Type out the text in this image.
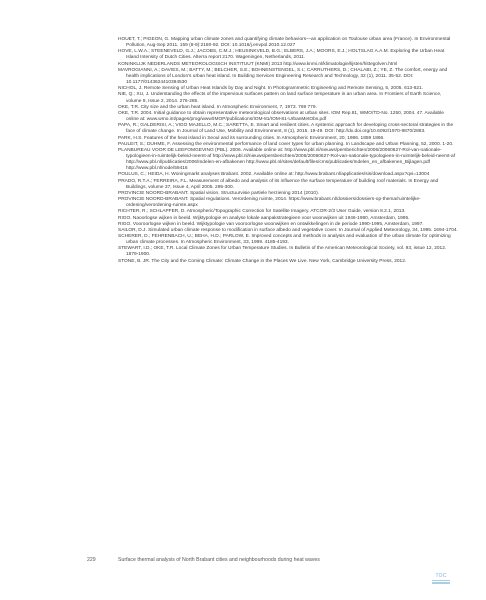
HOUET, T.; PIGEON, G. Mapping urban climate zones and quantifying climate behaviors—an application on Toulouse urban area (France). In Environmental Pollution, Aug-Sep 2011. 159 (8-9):2180-92. DOI: 10.1016/j.envpol.2010.12.027

HOVE, L.W.A.; STEENEVELD, G.J.; JACOBS, C.M.J.; HEUSINKVELD, B.G.; ELBERS, J.A.; MOORS, E.J.; HOLTSLAG A.A.M. Exploring the Urban Heat Island Intensity of Dutch Cities. Alterra report 2170. Wageningen, Netherlands, 2011.

KONINKLIJK NEDERLANDS METEOROLOGISCH INSTITUUT (KNMI) 2013 http://www.knmi.nl/klimatologie/lijsten/hittegolven.html

MAVROGIANNI, A.; DAVIES, M.; BATTY, M.; BELCHER, S.E.; BOHNENSTENGEL, S.I.; CARRUTHERS, D.; CHALABI, Z.; YE, Z. The comfort, energy and health implications of London's urban heat island. In Building Services Engineering Research and Technology, 32 (1), 2011. 35-52. DOI: 10.1177/0143624410394530

NICHOL, J. Remote Sensing of Urban Heat Islands by Day and Night. In Photogrammetric Engineering and Remote Sensing, 5, 2005. 613-621.

NIE, Q.; XU, J. Understanding the effects of the impervious surfaces pattern on land surface temperature in an urban area. In Frontiers of Earth Science, volume 9, Issue 2, 2014. 276-285.

OKE, T.R. City size and the urban heat island. In Atmospheric Environment, 7, 1973. 769 779.

OKE, T.R. 2004. Initial guidance to obtain representative meteorological observations at urban sites. IOM Rep.81, WMO/TD-No. 1250, 2004. 47. Available online at: www.wmo.int/pages/prog/www/IMOP/publications/IOM-81/IOM-81-UrbanMetObs.pdf

PAPA, R.; GALDERISI, A.; VIGO MAJELLO, M.C.; SARETTA, E. Smart and resilient cities. A systemic approach for developing cross-sectoral strategies in the face of climate change. In Journal of Land Use, Mobility and Environment, 8 (1), 2015. 19-49. DOI: http://dx.doi.org/10.6092/1970-9870/2883.

PARK, H.S. Features of the heat island in Seoul and its surrounding cities. In Atmospheric Environment, 20, 1986. 1859 1866.

PAULEIT, S.; DUHME, F. Assessing the environmental performance of land cover types for urban planning. In Landscape and Urban Planning, 52, 2000. 1-20.

PLANBUREAU VOOR DE LEEFOMGEVING (PBL). 2006. Available online at: http://www.pbl.nl/nieuws/persberichten/2006/20060627-Rol-van-nationale-typologieen-in-ruimtelijk-beleid-neemt-af http://www.pbl.nl/nieuws/persberichten/2006/20060627-Rol-van-nationale-typologieen-in-ruimtelijk-beleid-neemt-af http://www.pbl.nl/publicaties/2006/Indelen-en-afbakenen http://www.pbl.nl/sites/default/files/cms/publicaties/Indelen_en_afbakenen_Bijlagen.pdf http://www.pbl.nl/node/59416

POULUS, C.; HEIDA, H. Woningmarkt analyses Brabant. 2002. Available online at: http://www.brabant.nl/applicaties/sis/download.aspx?qvi=13004

PRADO, R.T.A.; FERREIRA, F.L. Measurement of albedo and analysis of its influence the surface temperature of building roof materials. In Energy and Buildings, volume 37, Issue 4, April 2005. 295-300.

PROVINCIE NOORD-BRABANT. Spatial vision. Structuurvisie partiele herziening 2014 (2010).

PROVINCIE NOORD-BRABANT. Spatial regulations. Verordening ruimte, 2014. https://www.brabant.nl/dossiers/dossiers-op-thema/ruimtelijke-ordening/verordening-ruimte.aspx

RICHTER, R.; SCHLAPFER, D. Atmospheric/Topographic Correction for Satellite Imagery. ATCOR-2/3 User Guide, version 8.2.1, 2013.

RIGO. Naoorlogse wijken in beeld. Wijktypologie en analyse lokale aanpakstrategieen voor woonwijken uit 1946-1980, Amsterdam, 1995.

RIGO. Vooroorlogse wijken in beeld. Wijktypologie van vooroorlogse woonwijken en ontwikkelingen in de periode 1990-1995, Amsterdam, 1997.

SAILOR, D.J. Simulated urban climate response to modification in surface albedo and vegetative cover. In Journal of Applied Meteorology, 34, 1995. 1694-1704.

SCHERER, D.; FEHRENBACH, U.; BEHA, H.D.; PARLOW, E. Improved concepts and methods in analysis and evaluation of the urban climate for optimizing urban climate processes. In Atmospheric Environment, 33, 1999. 4185-4193.

STEWART, I.D.; OKE, T.R. Local Climate Zones for Urban Temperature Studies. In Bulletin of the American Meteorological Society, vol. 93, issue 12, 2012. 1879-1900.

STONE, B. JR. The City and the Coming Climate: Climate Change in the Places We Live. New York, Cambridge University Press, 2012.

229	Surface thermal analysis of North Brabant cities and neighbourhoods during heat waves
TOC
